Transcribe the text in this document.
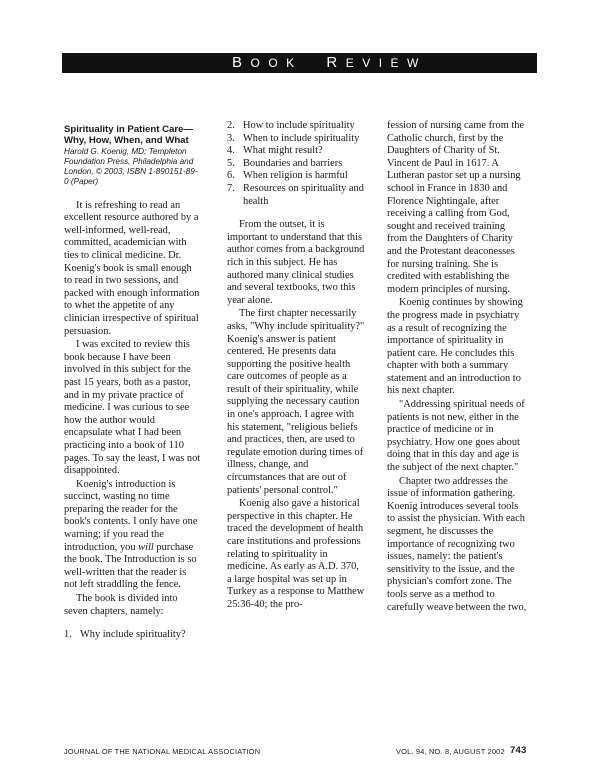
BOOK REVIEW
Spirituality in Patient Care—Why, How, When, and What
Harold G. Koenig, MD; Templeton Foundation Press, Philadelphia and London, © 2003, ISBN 1-890151-89-0 (Paper)

It is refreshing to read an excellent resource authored by a well-informed, well-read, committed, academician with ties to clinical medicine. Dr. Koenig's book is small enough to read in two sessions, and packed with enough information to whet the appetite of any clinician irrespective of spiritual persuasion.

I was excited to review this book because I have been involved in this subject for the past 15 years, both as a pastor, and in my private practice of medicine. I was curious to see how the author would encapsulate what I had been practicing into a book of 110 pages. To say the least, I was not disappointed.

Koenig's introduction is succinct, wasting no time preparing the reader for the book's contents. I only have one warning; if you read the introduction, you will purchase the book. The Introduction is so well-written that the reader is not left straddling the fence.

The book is divided into seven chapters, namely:

1. Why include spirituality?
2. How to include spirituality
3. When to include spirituality
4. What might result?
5. Boundaries and barriers
6. When religion is harmful
7. Resources on spirituality and health

From the outset, it is important to understand that this author comes from a background rich in this subject. He has authored many clinical studies and several textbooks, two this year alone.

The first chapter necessarily asks, "Why include spirituality?" Koenig's answer is patient centered. He presents data supporting the positive health care outcomes of people as a result of their spirituality, while supplying the necessary caution in one's approach. I agree with his statement, "religious beliefs and practices, then, are used to regulate emotion during times of illness, change, and circumstances that are out of patients' personal control."

Koenig also gave a historical perspective in this chapter. He traced the development of health care institutions and professions relating to spirituality in medicine. As early as A.D. 370, a large hospital was set up in Turkey as a response to Matthew 25:36-40; the pro-

fession of nursing came from the Catholic church, first by the Daughters of Charity of St. Vincent de Paul in 1617. A Lutheran pastor set up a nursing school in France in 1830 and Florence Nightingale, after receiving a calling from God, sought and received training from the Daughters of Charity and the Protestant deaconesses for nursing training. She is credited with establishing the modern principles of nursing.

Koenig continues by showing the progress made in psychiatry as a result of recognizing the importance of spirituality in patient care. He concludes this chapter with both a summary statement and an introduction to his next chapter.

"Addressing spiritual needs of patients is not new, either in the practice of medicine or in psychiatry. How one goes about doing that in this day and age is the subject of the next chapter."

Chapter two addresses the issue of information gathering. Koenig introduces several tools to assist the physician. With each segment, he discusses the importance of recognizing two issues, namely: the patient's sensitivity to the issue, and the physician's comfort zone. The tools serve as a method to carefully weave between the two,

JOURNAL OF THE NATIONAL MEDICAL ASSOCIATION	VOL. 94, NO. 8, AUGUST 2002 743
